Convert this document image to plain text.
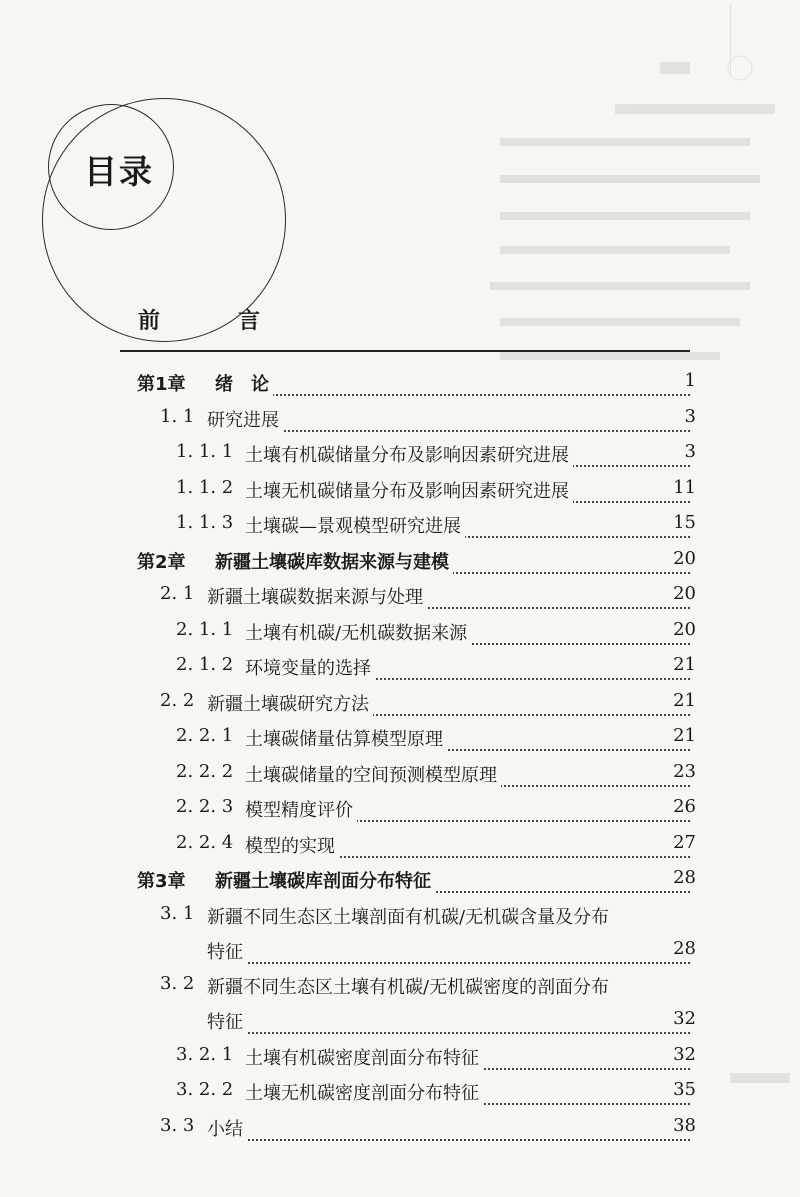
目录
前　言
第1章 绪　论	1
1. 1 研究进展	3
1. 1. 1 土壤有机碳储量分布及影响因素研究进展	3
1. 1. 2 土壤无机碳储量分布及影响因素研究进展	11
1. 1. 3 土壤碳—景观模型研究进展	15
第2章 新疆土壤碳库数据来源与建模	20
2. 1 新疆土壤碳数据来源与处理	20
2. 1. 1 土壤有机碳/无机碳数据来源	20
2. 1. 2 环境变量的选择	21
2. 2 新疆土壤碳研究方法	21
2. 2. 1 土壤碳储量估算模型原理	21
2. 2. 2 土壤碳储量的空间预测模型原理	23
2. 2. 3 模型精度评价	26
2. 2. 4 模型的实现	27
第3章 新疆土壤碳库剖面分布特征	28
3. 1 新疆不同生态区土壤剖面有机碳/无机碳含量及分布
特征	28
3. 2 新疆不同生态区土壤有机碳/无机碳密度的剖面分布
特征	32
3. 2. 1 土壤有机碳密度剖面分布特征	32
3. 2. 2 土壤无机碳密度剖面分布特征	35
3. 3 小结	38
